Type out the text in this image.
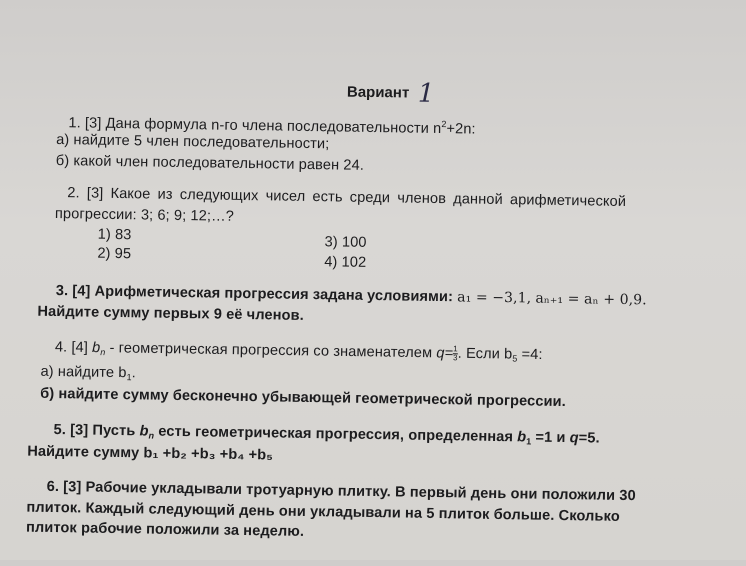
Вариант 1
1. [3] Дана формула n-го члена последовательности $n^2+2n$:
а) найдите 5 член последовательности;
б) какой член последовательности равен 24.
2. [3] Какое из следующих чисел есть среди членов данной арифметической
прогрессии: 3; 6; 9; 12;…?
1) 83
2) 95
3) 100
4) 102
3. [4] Арифметическая прогрессия задана условиями: a₁ = −3,1, aₙ₊₁ = aₙ + 0,9.
Найдите сумму первых 9 её членов.
4. [4] $b_n$ - геометрическая прогрессия со знаменателем $q= \frac{1}{3}$ . Если $b_5 =4$:
а) найдите $b_1$.
б) найдите сумму бесконечно убывающей геометрической прогрессии.
5. [3] Пусть $b_n$ есть геометрическая прогрессия, определенная $b_1 =1$ и q=5.
Найдите сумму b₁ +b₂ +b₃ +b₄ +b₅
6. [3] Рабочие укладывали тротуарную плитку. В первый день они положили 30
плиток. Каждый следующий день они укладывали на 5 плиток больше. Сколько
плиток рабочие положили за неделю.
